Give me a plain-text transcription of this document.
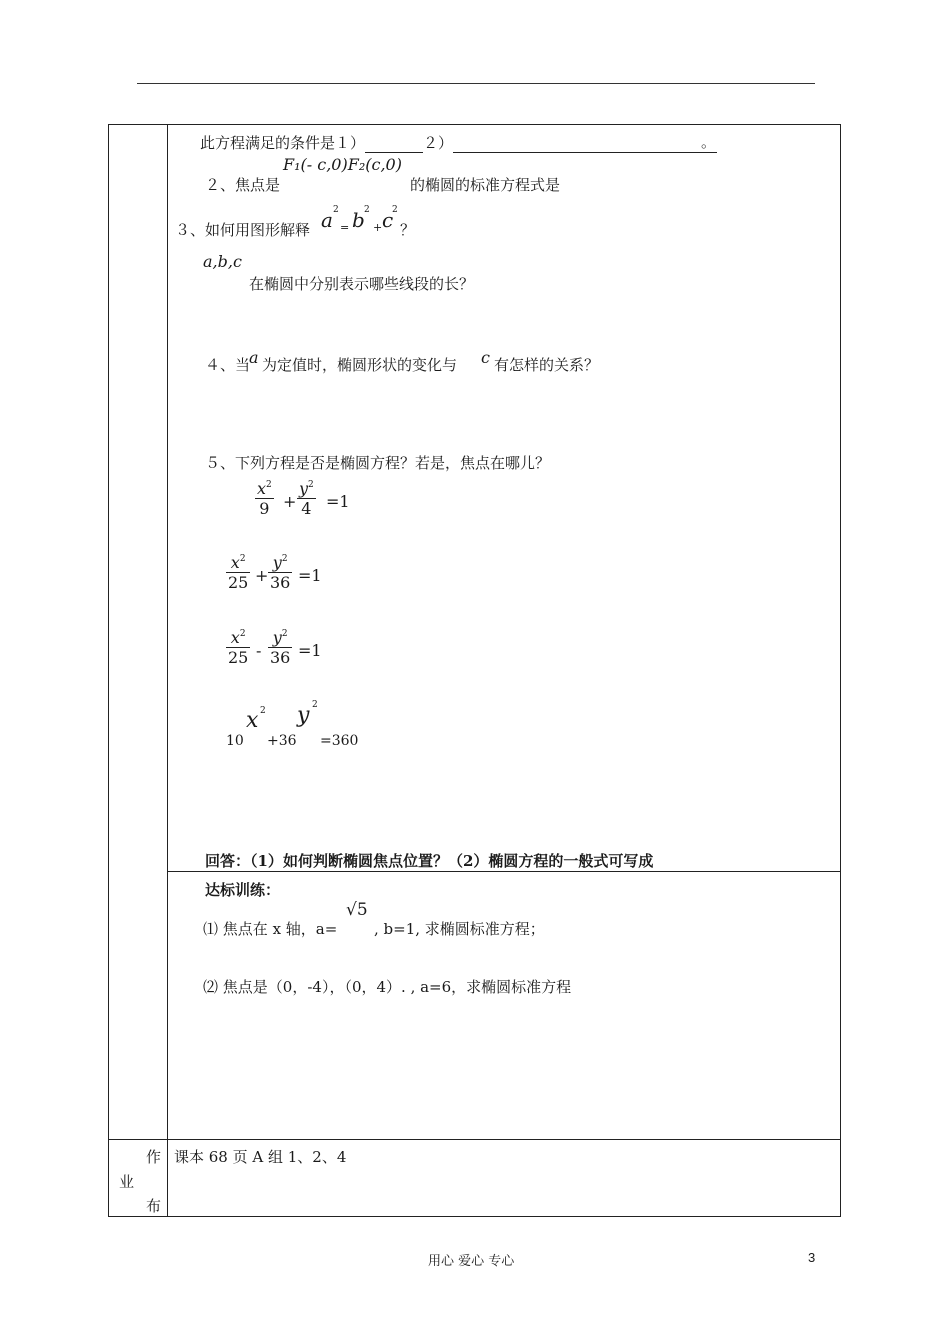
此方程满足的条件是１）	２）	。
２、焦点是
F₁(- c,0)F₂(c,0)
的椭圆的标准方程式是
３、如何用图形解释 a 2
= b 2
+ c
2
？
a,b,c
在椭圆中分别表示哪些线段的长？
４、当
a 为定值时，椭圆形状的变化与 c 有怎样的关系？
５、下列方程是否是椭圆方程？若是，焦点在哪儿？
$\frac{x^2}{9} + \frac{y^2}{4} =1$
$\frac{x^2}{25} + \frac{y^2}{36} =1$
$\frac{x^2}{25} - \frac{y^2}{36} =1$
10
x 2
+36
y 2
=360
回答：（1）如何判断椭圆焦点位置？（2）椭圆方程的一般式可写成
达标训练：
⑴ 焦点在 x 轴，a=
√5
, b=1, 求椭圆标准方程；
⑵ 焦点是（0，-4），（0，4）. , a=6，求椭圆标准方程
作
业
布
课本 68 页 A 组 1、2、4
用心 爱心 专心	3
